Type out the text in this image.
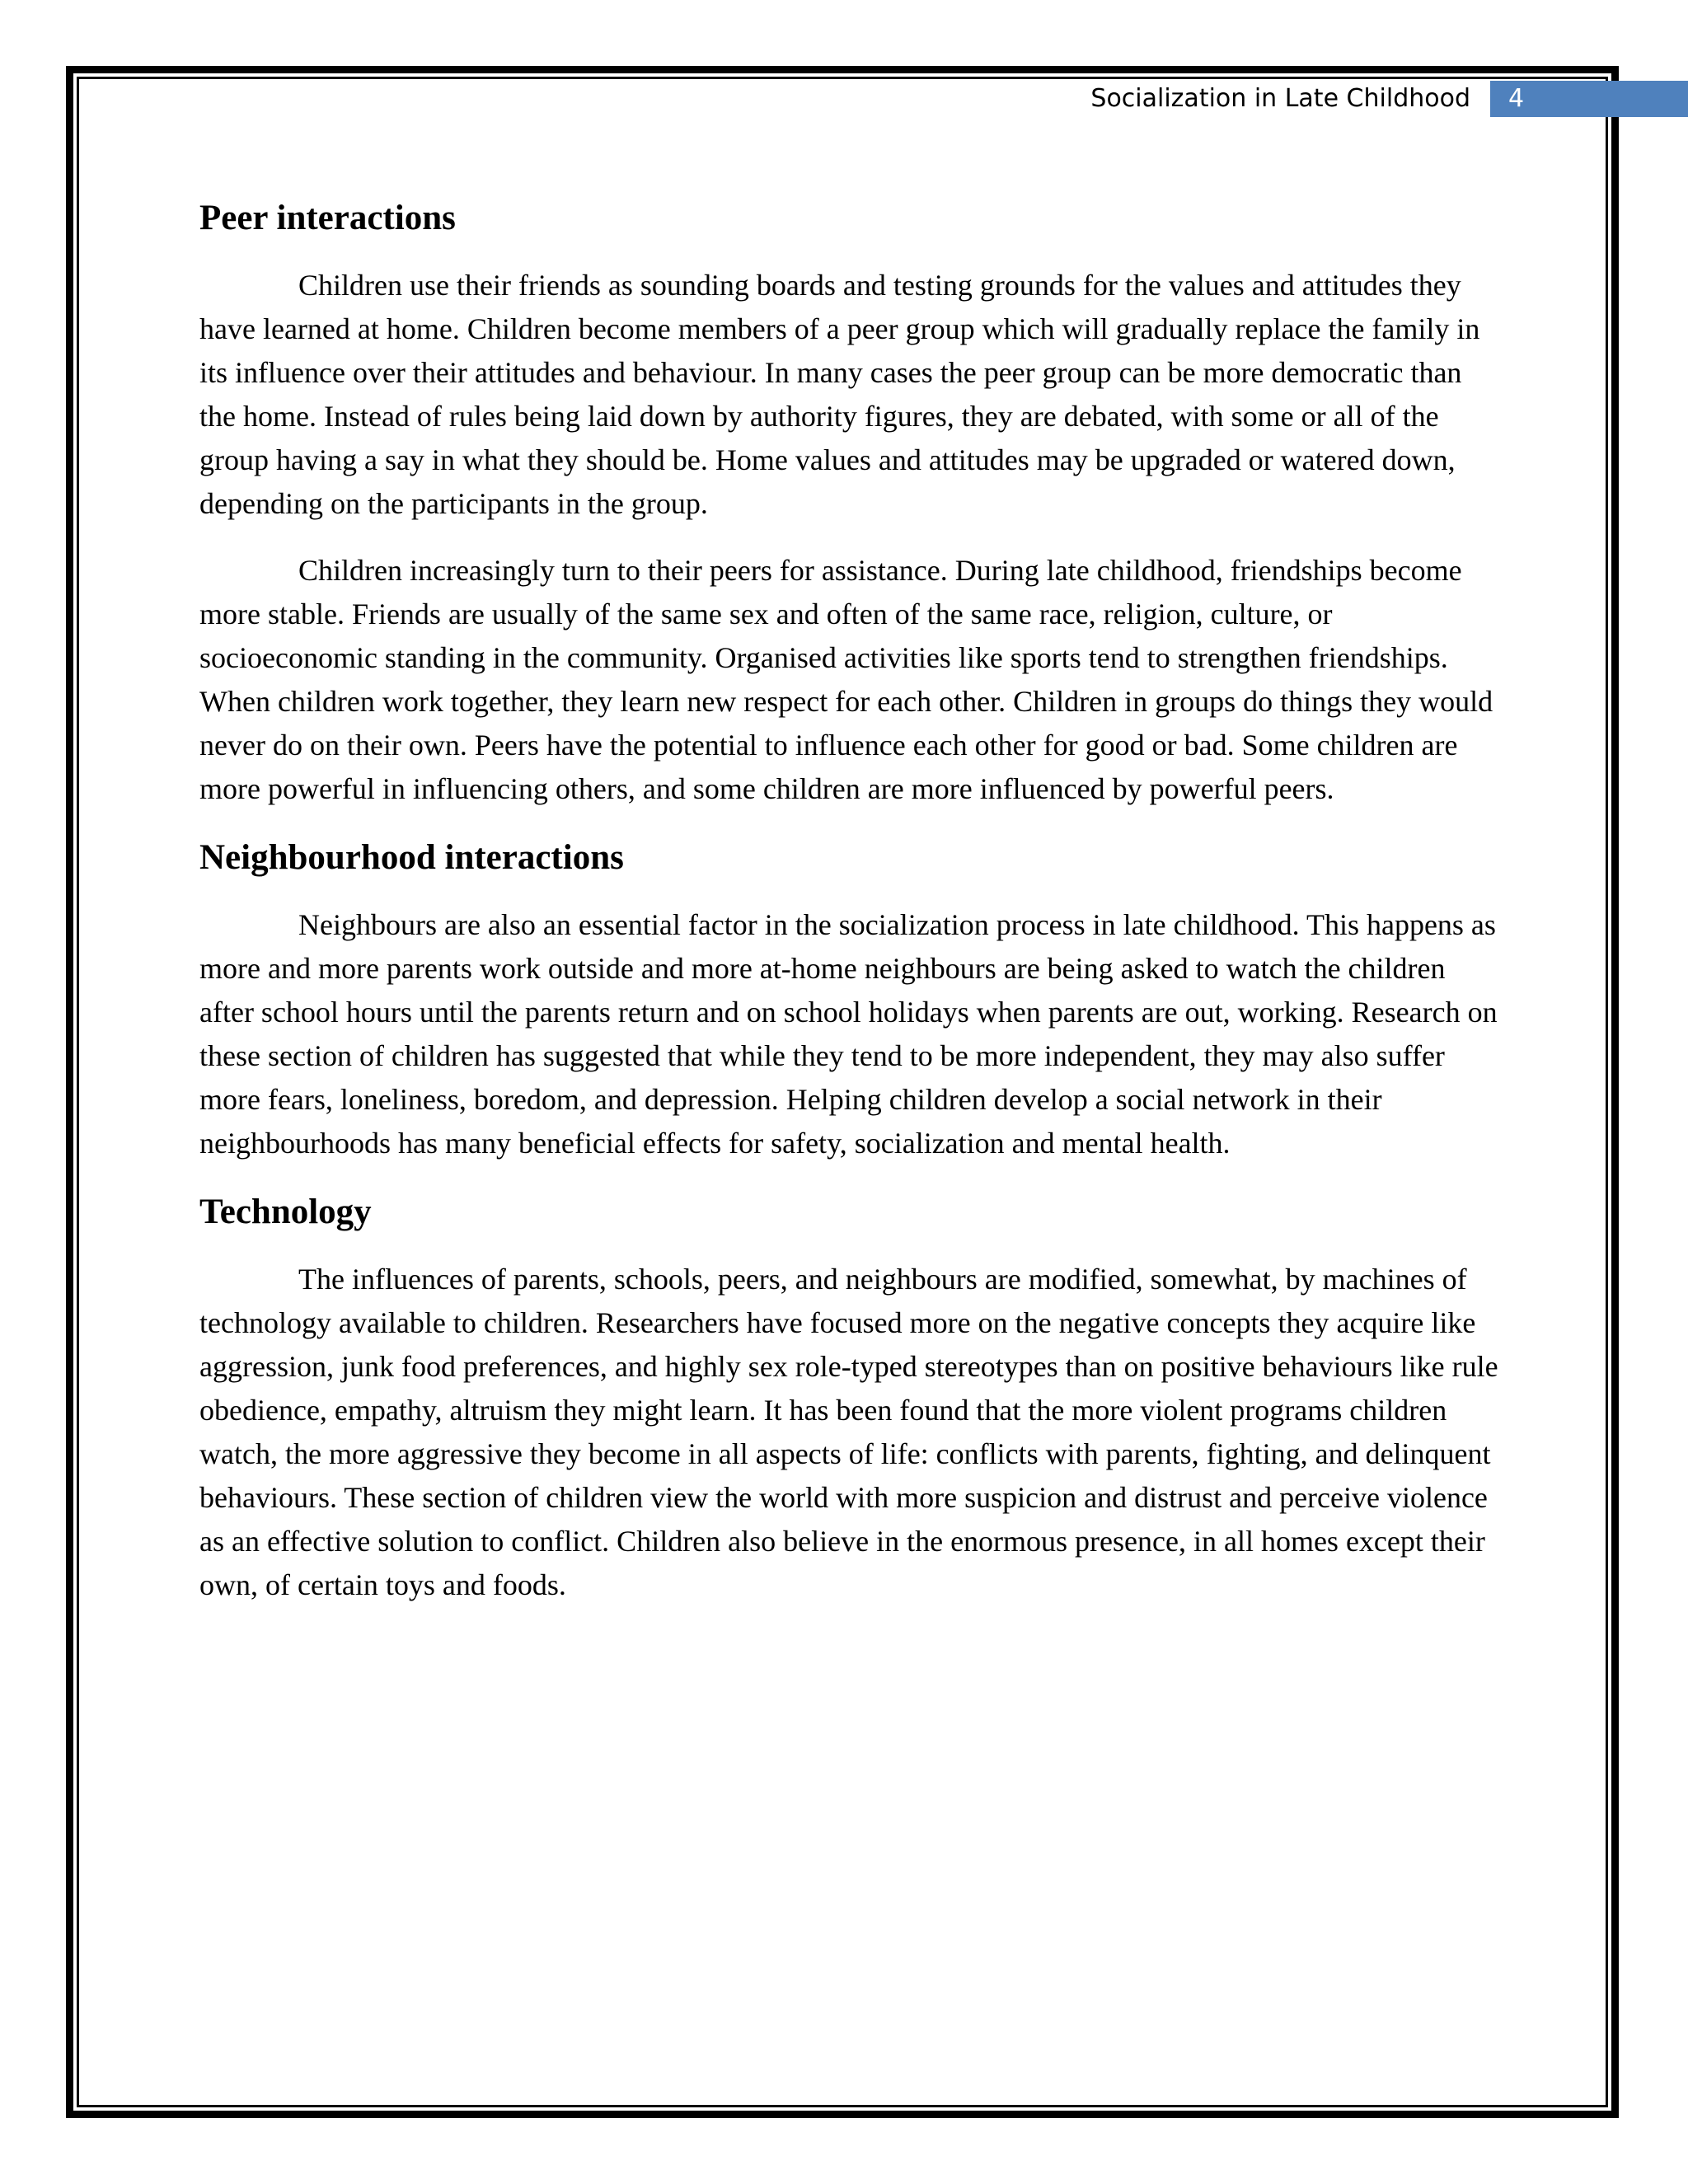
Socialization in Late Childhood 4
Peer interactions

Children use their friends as sounding boards and testing grounds for the values and attitudes they have learned at home. Children become members of a peer group which will gradually replace the family in its influence over their attitudes and behaviour. In many cases the peer group can be more democratic than the home. Instead of rules being laid down by authority figures, they are debated, with some or all of the group having a say in what they should be. Home values and attitudes may be upgraded or watered down, depending on the participants in the group.

Children increasingly turn to their peers for assistance. During late childhood, friendships become more stable. Friends are usually of the same sex and often of the same race, religion, culture, or socioeconomic standing in the community. Organised activities like sports tend to strengthen friendships. When children work together, they learn new respect for each other. Children in groups do things they would never do on their own. Peers have the potential to influence each other for good or bad. Some children are more powerful in influencing others, and some children are more influenced by powerful peers.

Neighbourhood interactions

Neighbours are also an essential factor in the socialization process in late childhood. This happens as more and more parents work outside and more at-home neighbours are being asked to watch the children after school hours until the parents return and on school holidays when parents are out, working. Research on these section of children has suggested that while they tend to be more independent, they may also suffer more fears, loneliness, boredom, and depression. Helping children develop a social network in their neighbourhoods has many beneficial effects for safety, socialization and mental health.

Technology

The influences of parents, schools, peers, and neighbours are modified, somewhat, by machines of technology available to children. Researchers have focused more on the negative concepts they acquire like aggression, junk food preferences, and highly sex role-typed stereotypes than on positive behaviours like rule obedience, empathy, altruism they might learn. It has been found that the more violent programs children watch, the more aggressive they become in all aspects of life: conflicts with parents, fighting, and delinquent behaviours. These section of children view the world with more suspicion and distrust and perceive violence as an effective solution to conflict. Children also believe in the enormous presence, in all homes except their own, of certain toys and foods.
